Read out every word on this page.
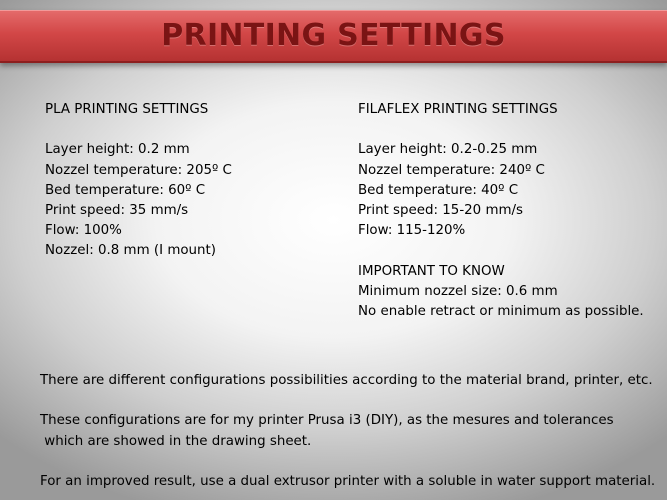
PRINTING SETTINGS
PLA PRINTING SETTINGS
Layer height: 0.2 mm
Nozzel temperature: 205º C
Bed temperature: 60º C
Print speed: 35 mm/s
Flow: 100%
Nozzel: 0.8 mm (I mount)
FILAFLEX PRINTING SETTINGS
Layer height: 0.2-0.25 mm
Nozzel temperature: 240º C
Bed temperature: 40º C
Print speed: 15-20 mm/s
Flow: 115-120%
IMPORTANT TO KNOW
Minimum nozzel size: 0.6 mm
No enable retract or minimum as possible.
There are different configurations possibilities according to the material brand, printer, etc.
These configurations are for my printer Prusa i3 (DIY), as the mesures and tolerances
which are showed in the drawing sheet.
For an improved result, use a dual extrusor printer with a soluble in water support material.
